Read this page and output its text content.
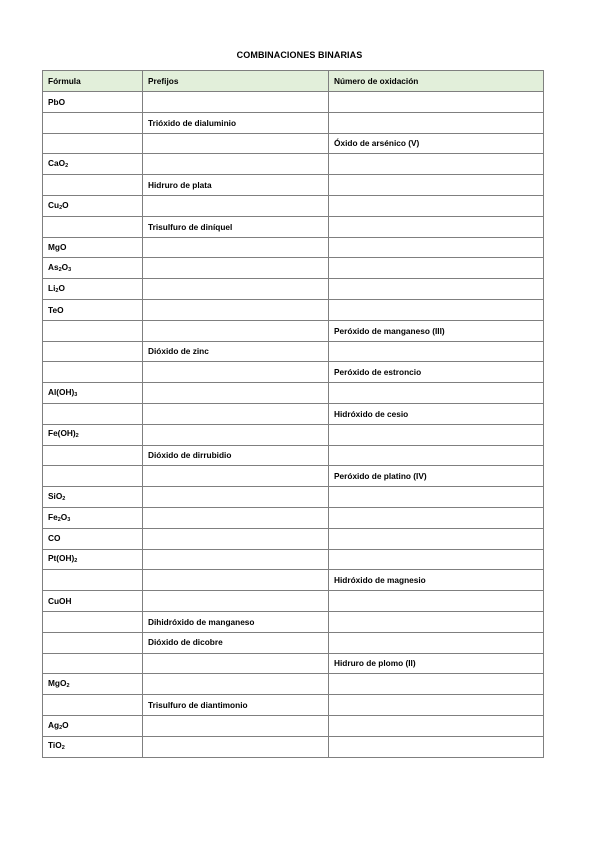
COMBINACIONES BINARIAS
Fórmula	Prefijos	Número de oxidación
PbO		
	Trióxido de dialuminio	
		Óxido de arsénico (V)
CaO$_2$		
	Hidruro de plata	
$Cu_2O$		
	Trisulfuro de diníquel	
MgO		
$As_2O_3$		
$Li_2O$		
TeO		
		Peróxido de manganeso (III)
	Dióxido de zinc	
		Peróxido de estroncio
$Al(OH)_3$		
		Hidróxido de cesio
$Fe(OH)_2$		
	Dióxido de dirrubidio	
		Peróxido de platino (IV)
SiO$_2$		
$Fe_2O_3$		
CO		
$Pt(OH)_2$		
		Hidróxido de magnesio
CuOH		
	Dihidróxido de manganeso	
	Dióxido de dicobre	
		Hidruro de plomo (II)
MgO$_2$		
	Trisulfuro de diantimonio	
$Ag_2O$		
TiO$_2$		
